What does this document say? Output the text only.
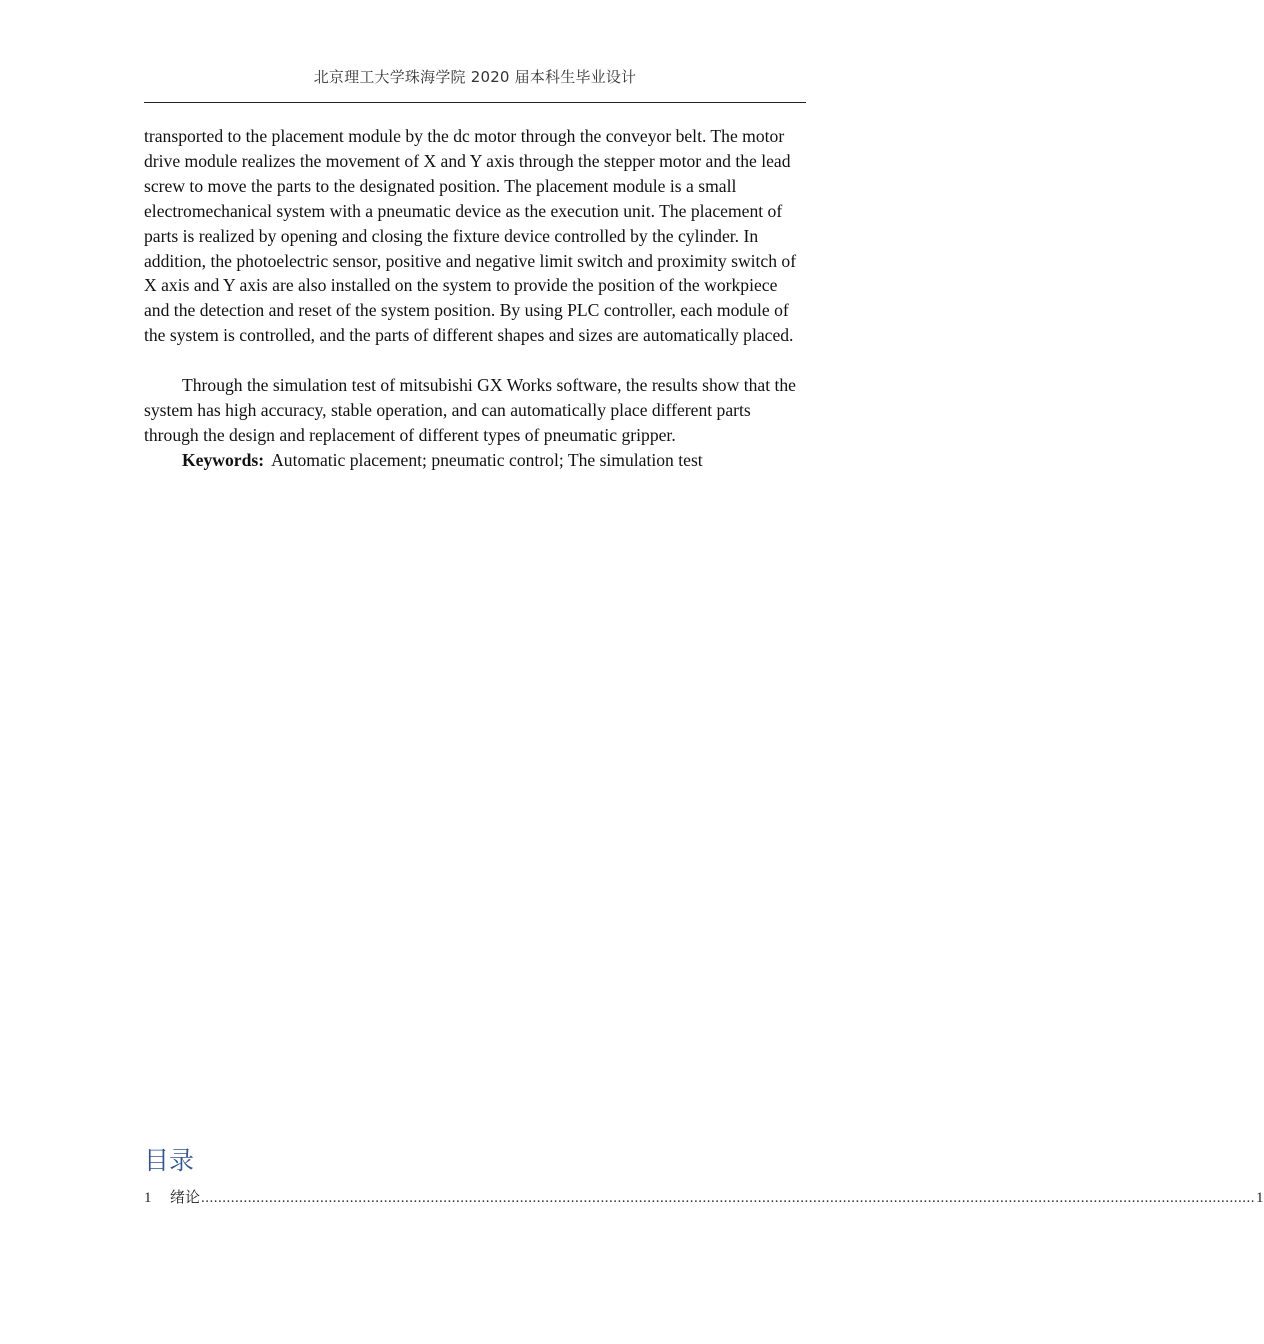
北京理工大学珠海学院 2020 届本科生毕业设计

transported to the placement module by the dc motor through the conveyor belt. The motor drive module realizes the movement of X and Y axis through the stepper motor and the lead screw to move the parts to the designated position. The placement module is a small electromechanical system with a pneumatic device as the execution unit. The placement of parts is realized by opening and closing the fixture device controlled by the cylinder. In addition, the photoelectric sensor, positive and negative limit switch and proximity switch of X axis and Y axis are also installed on the system to provide the position of the workpiece and the detection and reset of the system position. By using PLC controller, each module of the system is controlled, and the parts of different shapes and sizes are automatically placed.

Through the simulation test of mitsubishi GX Works software, the results show that the system has high accuracy, stable operation, and can automatically place different parts through the design and replacement of different types of pneumatic gripper.

Keywords: Automatic placement; pneumatic control; The simulation test

目录
1	绪论 ........................................................................................................................................................................................................................................................ 1
